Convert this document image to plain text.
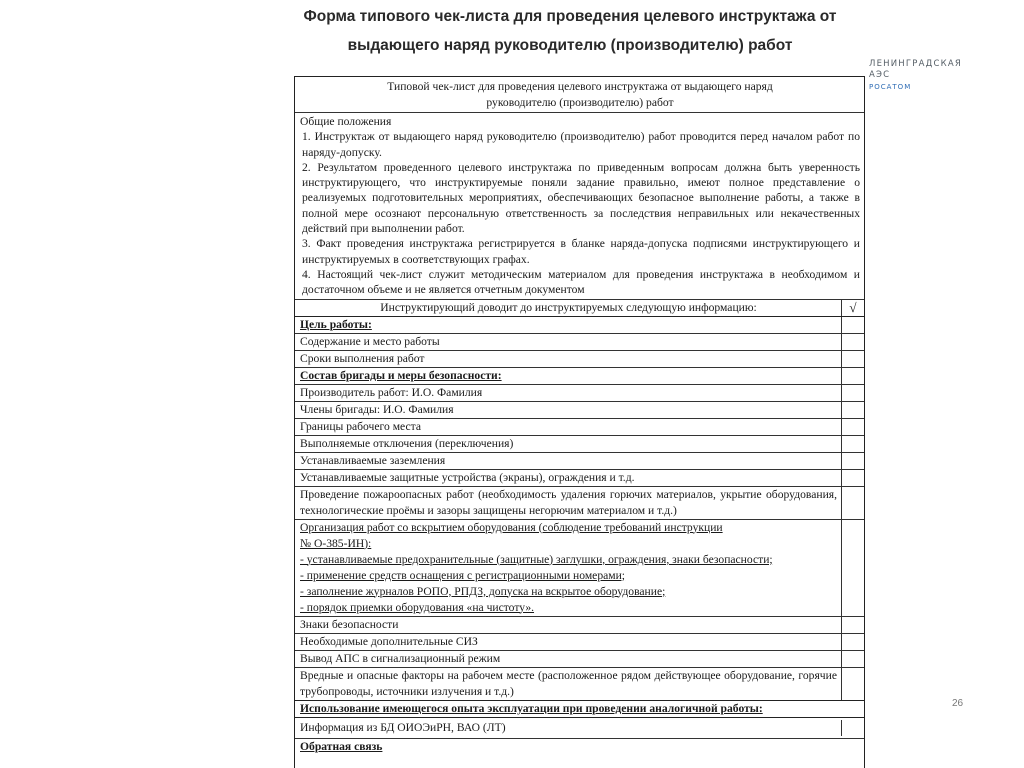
Форма типового чек-листа для проведения целевого инструктажа от
выдающего наряд руководителю (производителю) работ
ЛЕНИНГРАДСКАЯ
АЭС
РОСАТОМ

Типовой чек-лист для проведения целевого инструктажа от выдающего наряд

руководителю (производителю) работ

Общие положения

1. Инструктаж от выдающего наряд руководителю (производителю) работ проводится перед началом работ по наряду-допуску.

2. Результатом проведенного целевого инструктажа по приведенным вопросам должна быть уверенность инструктирующего, что инструктируемые поняли задание правильно, имеют полное представление о реализуемых подготовительных мероприятиях, обеспечивающих безопасное выполнение работы, а также в полной мере осознают персональную ответственность за последствия неправильных или некачественных действий при выполнении работ.

3. Факт проведения инструктажа регистрируется в бланке наряда-допуска подписями инструктирующего и инструктируемых в соответствующих графах.

4. Настоящий чек-лист служит методическим материалом для проведения инструктажа в необходимом и достаточном объеме и не является отчетным документом

Инструктирующий доводит до инструктируемых следующую информацию:	√
Цель работы:
Содержание и место работы
Сроки выполнения работ
Состав бригады и меры безопасности:
Производитель работ: И.О. Фамилия
Члены бригады: И.О. Фамилия
Границы рабочего места
Выполняемые отключения (переключения)
Устанавливаемые заземления
Устанавливаемые защитные устройства (экраны), ограждения и т.д.
Проведение пожароопасных работ (необходимость удаления горючих материалов, укрытие оборудования, технологические проёмы и зазоры защищены негорючим материалом и т.д.)

Организация работ со вскрытием оборудования (соблюдение требований инструкции

№ О-385-ИН):

- устанавливаемые предохранительные (защитные) заглушки, ограждения, знаки безопасности;

- применение средств оснащения с регистрационными номерами;

- заполнение журналов РОПО, РПДЗ, допуска на вскрытое оборудование;

- порядок приемки оборудования «на чистоту».

Знаки безопасности
Необходимые дополнительные СИЗ
Вывод АПС в сигнализационный режим
Вредные и опасные факторы на рабочем месте (расположенное рядом действующее оборудование, горячие трубопроводы, источники излучения и т.д.)
Использование имеющегося опыта эксплуатации при проведении аналогичной работы:
Информация из БД ОИОЭиРН, ВАО (ЛТ)
Обратная связь
26
